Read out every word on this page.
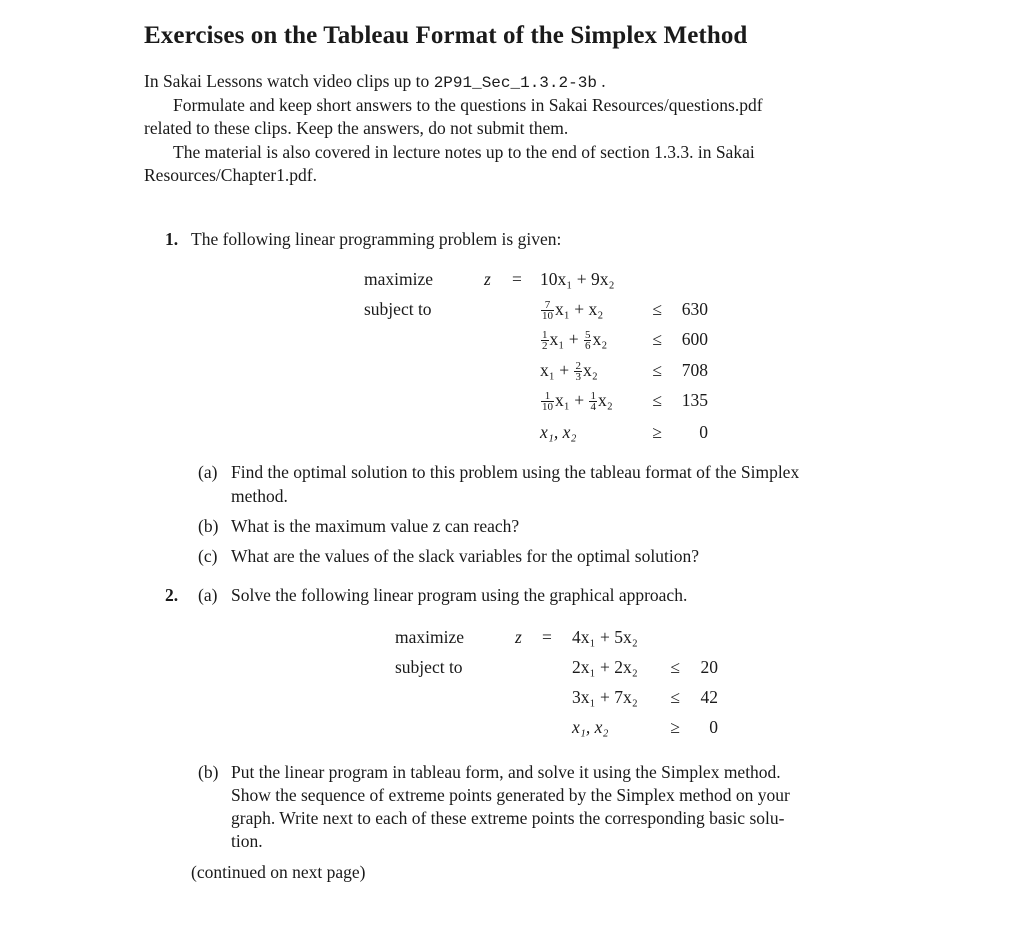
Exercises on the Tableau Format of the Simplex Method
In Sakai Lessons watch video clips up to 2P91_Sec_1.3.2-3b .
Formulate and keep short answers to the questions in Sakai Resources/questions.pdf
related to these clips. Keep the answers, do not submit them.
The material is also covered in lecture notes up to the end of section 1.3.3. in Sakai
Resources/Chapter1.pdf.
1. The following linear programming problem is given:
maximize	z = 10x₁ + 9x₂
subject to	$\frac{7}{10} x_1 + x_2$	≤	630
$\frac{1}{2} x_1 + \frac{5}{6} x_2$	≤	600
$x_1 + \frac{2}{3} x_2$	≤	708
$\frac{1}{10} x_1 + \frac{1}{4} x_2$ ≤	135
x₁, x₂	≥	0
(a) Find the optimal solution to this problem using the tableau format of the Simplex
method.
(b) What is the maximum value z can reach?
(c) What are the values of the slack variables for the optimal solution?
2. (a) Solve the following linear program using the graphical approach.
maximize	z = 4x₁ + 5x₂
subject to	2x₁ + 2x₂ ≤	20
3x₁ + 7x₂ ≤	42
x₁, x₂	≥	0
(b) Put the linear program in tableau form, and solve it using the Simplex method.
Show the sequence of extreme points generated by the Simplex method on your
graph. Write next to each of these extreme points the corresponding basic solu-
tion.
(continued on next page)
